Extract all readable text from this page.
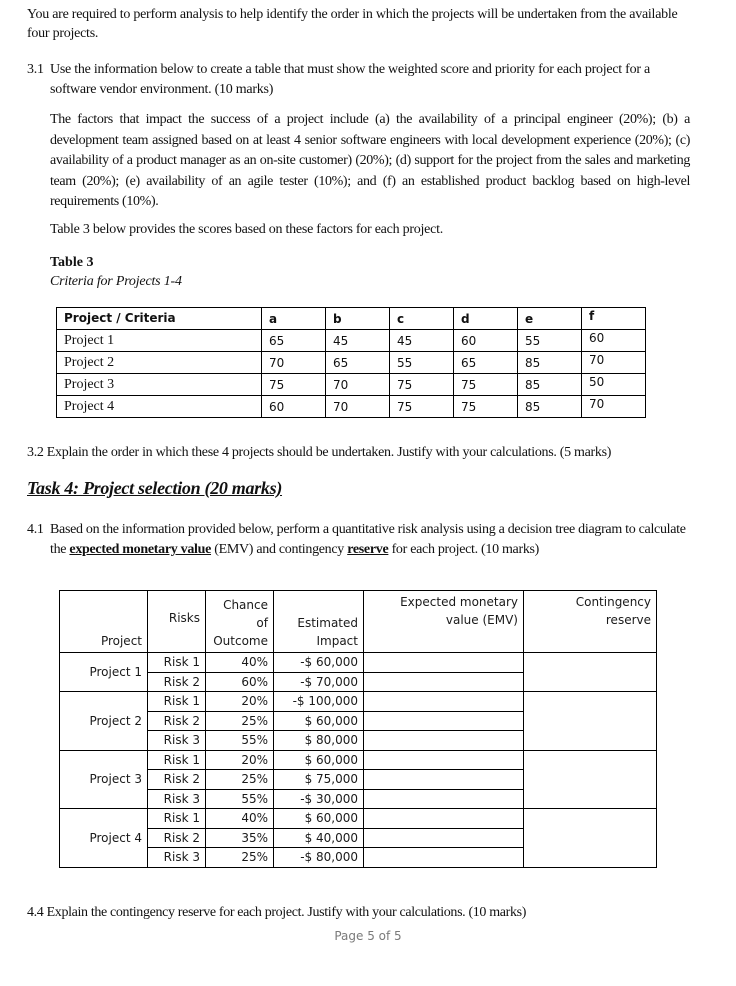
You are required to perform analysis to help identify the order in which the projects will be undertaken from the available four projects.

3.1 Use the information below to create a table that must show the weighted score and priority for each project for a software vendor environment. (10 marks)

The factors that impact the success of a project include (a) the availability of a principal engineer (20%); (b) a development team assigned based on at least 4 senior software engineers with local development experience (20%); (c) availability of a product manager as an on-site customer) (20%); (d) support for the project from the sales and marketing team (20%); (e) availability of an agile tester (10%); and (f) an established product backlog based on high-level requirements (10%).

Table 3 below provides the scores based on these factors for each project.

Table 3

Criteria for Projects 1-4

Project / Criteria	a	b	c	d	e	f
Project 1	65	45	45	60	55	60
Project 2	70	65	55	65	85	70
Project 3	75	70	75	75	85	50
Project 4	60	70	75	75	85	70

3.2 Explain the order in which these 4 projects should be undertaken. Justify with your calculations. (5 marks)

Task 4: Project selection (20 marks)

4.1 Based on the information provided below, perform a quantitative risk analysis using a decision tree diagram to calculate the expected monetary value (EMV) and contingency reserve for each project. (10 marks)

Project	Risks	
Chance
of
Outcome

Estimated
Impact

Expected monetary
value (EMV)

Contingency
reserve

Project 1	Risk 1	40%	-$ 60,000		
	Risk 2	60%	-$ 70,000		
Project 2	Risk 1	20%	-$ 100,000		
	Risk 2	25%	$ 60,000		
	Risk 3	55%	$ 80,000		
Project 3	Risk 1	20%	$ 60,000		
	Risk 2	25%	$ 75,000		
	Risk 3	55%	-$ 30,000		
Project 4	Risk 1	40%	$ 60,000		
	Risk 2	35%	$ 40,000		
	Risk 3	25%	-$ 80,000		

4.4 Explain the contingency reserve for each project. Justify with your calculations. (10 marks)

Page 5 of 5
